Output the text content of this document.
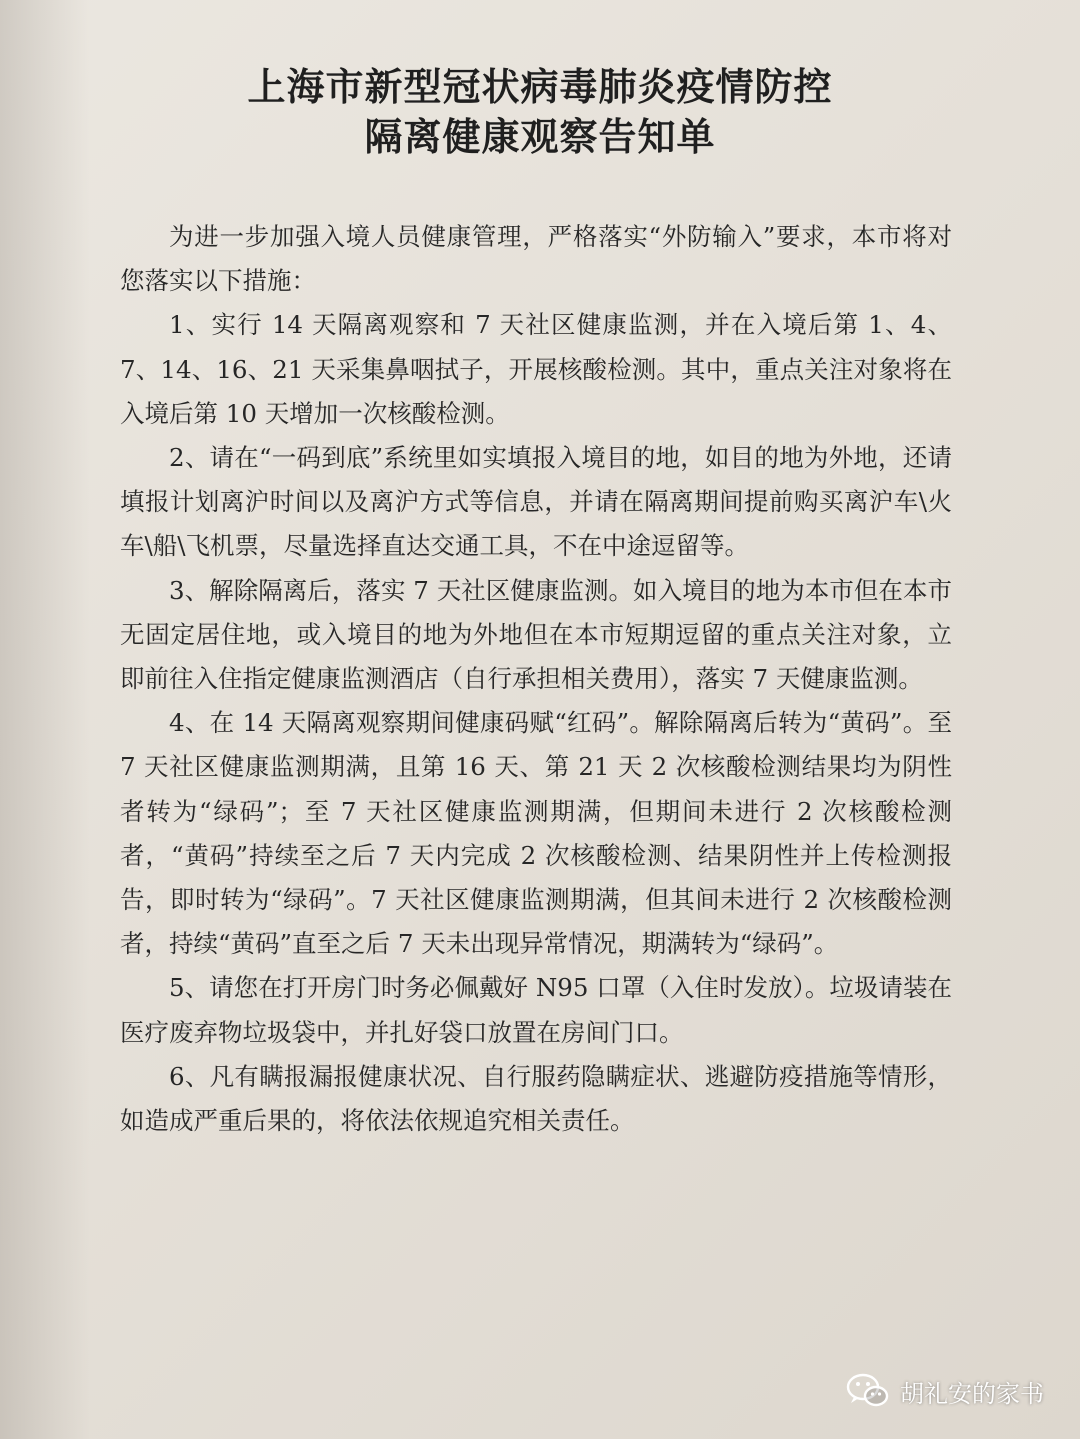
上海市新型冠状病毒肺炎疫情防控
隔离健康观察告知单

为进一步加强入境人员健康管理，严格落实“外防输入”要求，本市将对您落实以下措施：

1、实行 14 天隔离观察和 7 天社区健康监测，并在入境后第 1、4、7、14、16、21 天采集鼻咽拭子，开展核酸检测。其中，重点关注对象将在入境后第 10 天增加一次核酸检测。

2、请在“一码到底”系统里如实填报入境目的地，如目的地为外地，还请填报计划离沪时间以及离沪方式等信息，并请在隔离期间提前购买离沪车\火车\船\飞机票，尽量选择直达交通工具，不在中途逗留等。

3、解除隔离后，落实 7 天社区健康监测。如入境目的地为本市但在本市无固定居住地，或入境目的地为外地但在本市短期逗留的重点关注对象，立即前往入住指定健康监测酒店（自行承担相关费用），落实 7 天健康监测。

4、在 14 天隔离观察期间健康码赋“红码”。解除隔离后转为“黄码”。至 7 天社区健康监测期满，且第 16 天、第 21 天 2 次核酸检测结果均为阴性者转为“绿码”；至 7 天社区健康监测期满，但期间未进行 2 次核酸检测者，“黄码”持续至之后 7 天内完成 2 次核酸检测、结果阴性并上传检测报告，即时转为“绿码”。7 天社区健康监测期满，但其间未进行 2 次核酸检测者，持续“黄码”直至之后 7 天未出现异常情况，期满转为“绿码”。

5、请您在打开房门时务必佩戴好 N95 口罩（入住时发放）。垃圾请装在医疗废弃物垃圾袋中，并扎好袋口放置在房间门口。

6、凡有瞒报漏报健康状况、自行服药隐瞒症状、逃避防疫措施等情形，如造成严重后果的，将依法依规追究相关责任。

胡礼安的家书
